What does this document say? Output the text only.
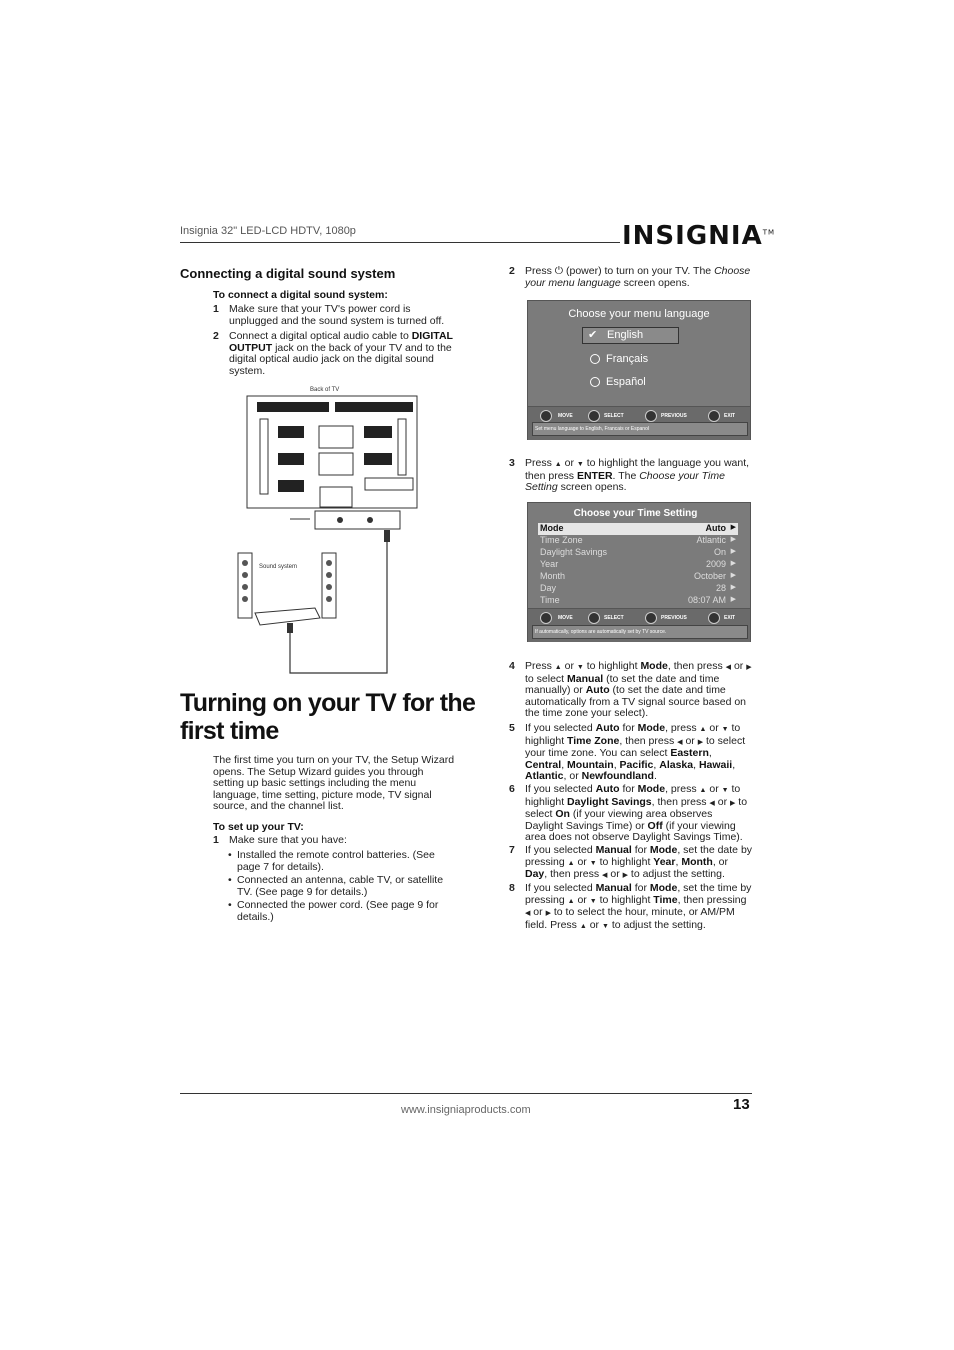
Insignia 32" LED-LCD HDTV, 1080p	INSIGNIA™
Connecting a digital sound system
To connect a digital sound system:
1 Make sure that your TV's power cord is unplugged and the sound system is turned off.
2 Connect a digital optical audio cable to DIGITAL OUTPUT jack on the back of your TV and to the digital optical audio jack on the digital sound system.
Back of TV
Sound system
Turning on your TV for the
first time
The first time you turn on your TV, the Setup Wizard opens. The Setup Wizard guides you through setting up basic settings including the menu language, time setting, picture mode, TV signal source, and the channel list.
To set up your TV:
1 Make sure that you have:
• Installed the remote control batteries. (See page 7 for details).
• Connected an antenna, cable TV, or satellite TV. (See page 9 for details.)
• Connected the power cord. (See page 9 for details.)
2 Press ⏻ (power) to turn on your TV. The Choose your menu language screen opens.
Choose your menu language
✔ English
Français
Español
MOVE	SELECT	PREVIOUS	EXIT
Set menu language to English, Francais or Espanol
3 Press ▲ or ▼ to highlight the language you want, then press ENTER. The Choose your Time Setting screen opens.
Choose your Time Setting
Mode	Auto ▶
Time Zone	Atlantic ▶
Daylight Savings	On ▶
Year	2009 ▶
Month	October ▶
Day	28 ▶
Time	08:07 AM ▶
MOVE	SELECT	PREVIOUS	EXIT
If automatically, options are automatically set by TV source.
4 Press ▲ or ▼ to highlight Mode, then press ◀ or ▶ to select Manual (to set the date and time manually) or Auto (to set the date and time automatically from a TV signal source based on the time zone your select).
5 If you selected Auto for Mode, press ▲ or ▼ to highlight Time Zone, then press ◀ or ▶ to select your time zone. You can select Eastern, Central, Mountain, Pacific, Alaska, Hawaii, Atlantic, or Newfoundland.
6 If you selected Auto for Mode, press ▲ or ▼ to highlight Daylight Savings, then press ◀ or ▶ to select On (if your viewing area observes Daylight Savings Time) or Off (if your viewing area does not observe Daylight Savings Time).
7 If you selected Manual for Mode, set the date by pressing ▲ or ▼ to highlight Year, Month, or Day, then press ◀ or ▶ to adjust the setting.
8 If you selected Manual for Mode, set the time by pressing ▲ or ▼ to highlight Time, then pressing ◀ or ▶ to to select the hour, minute, or AM/PM field. Press ▲ or ▼ to adjust the setting.
www.insigniaproducts.com	13
